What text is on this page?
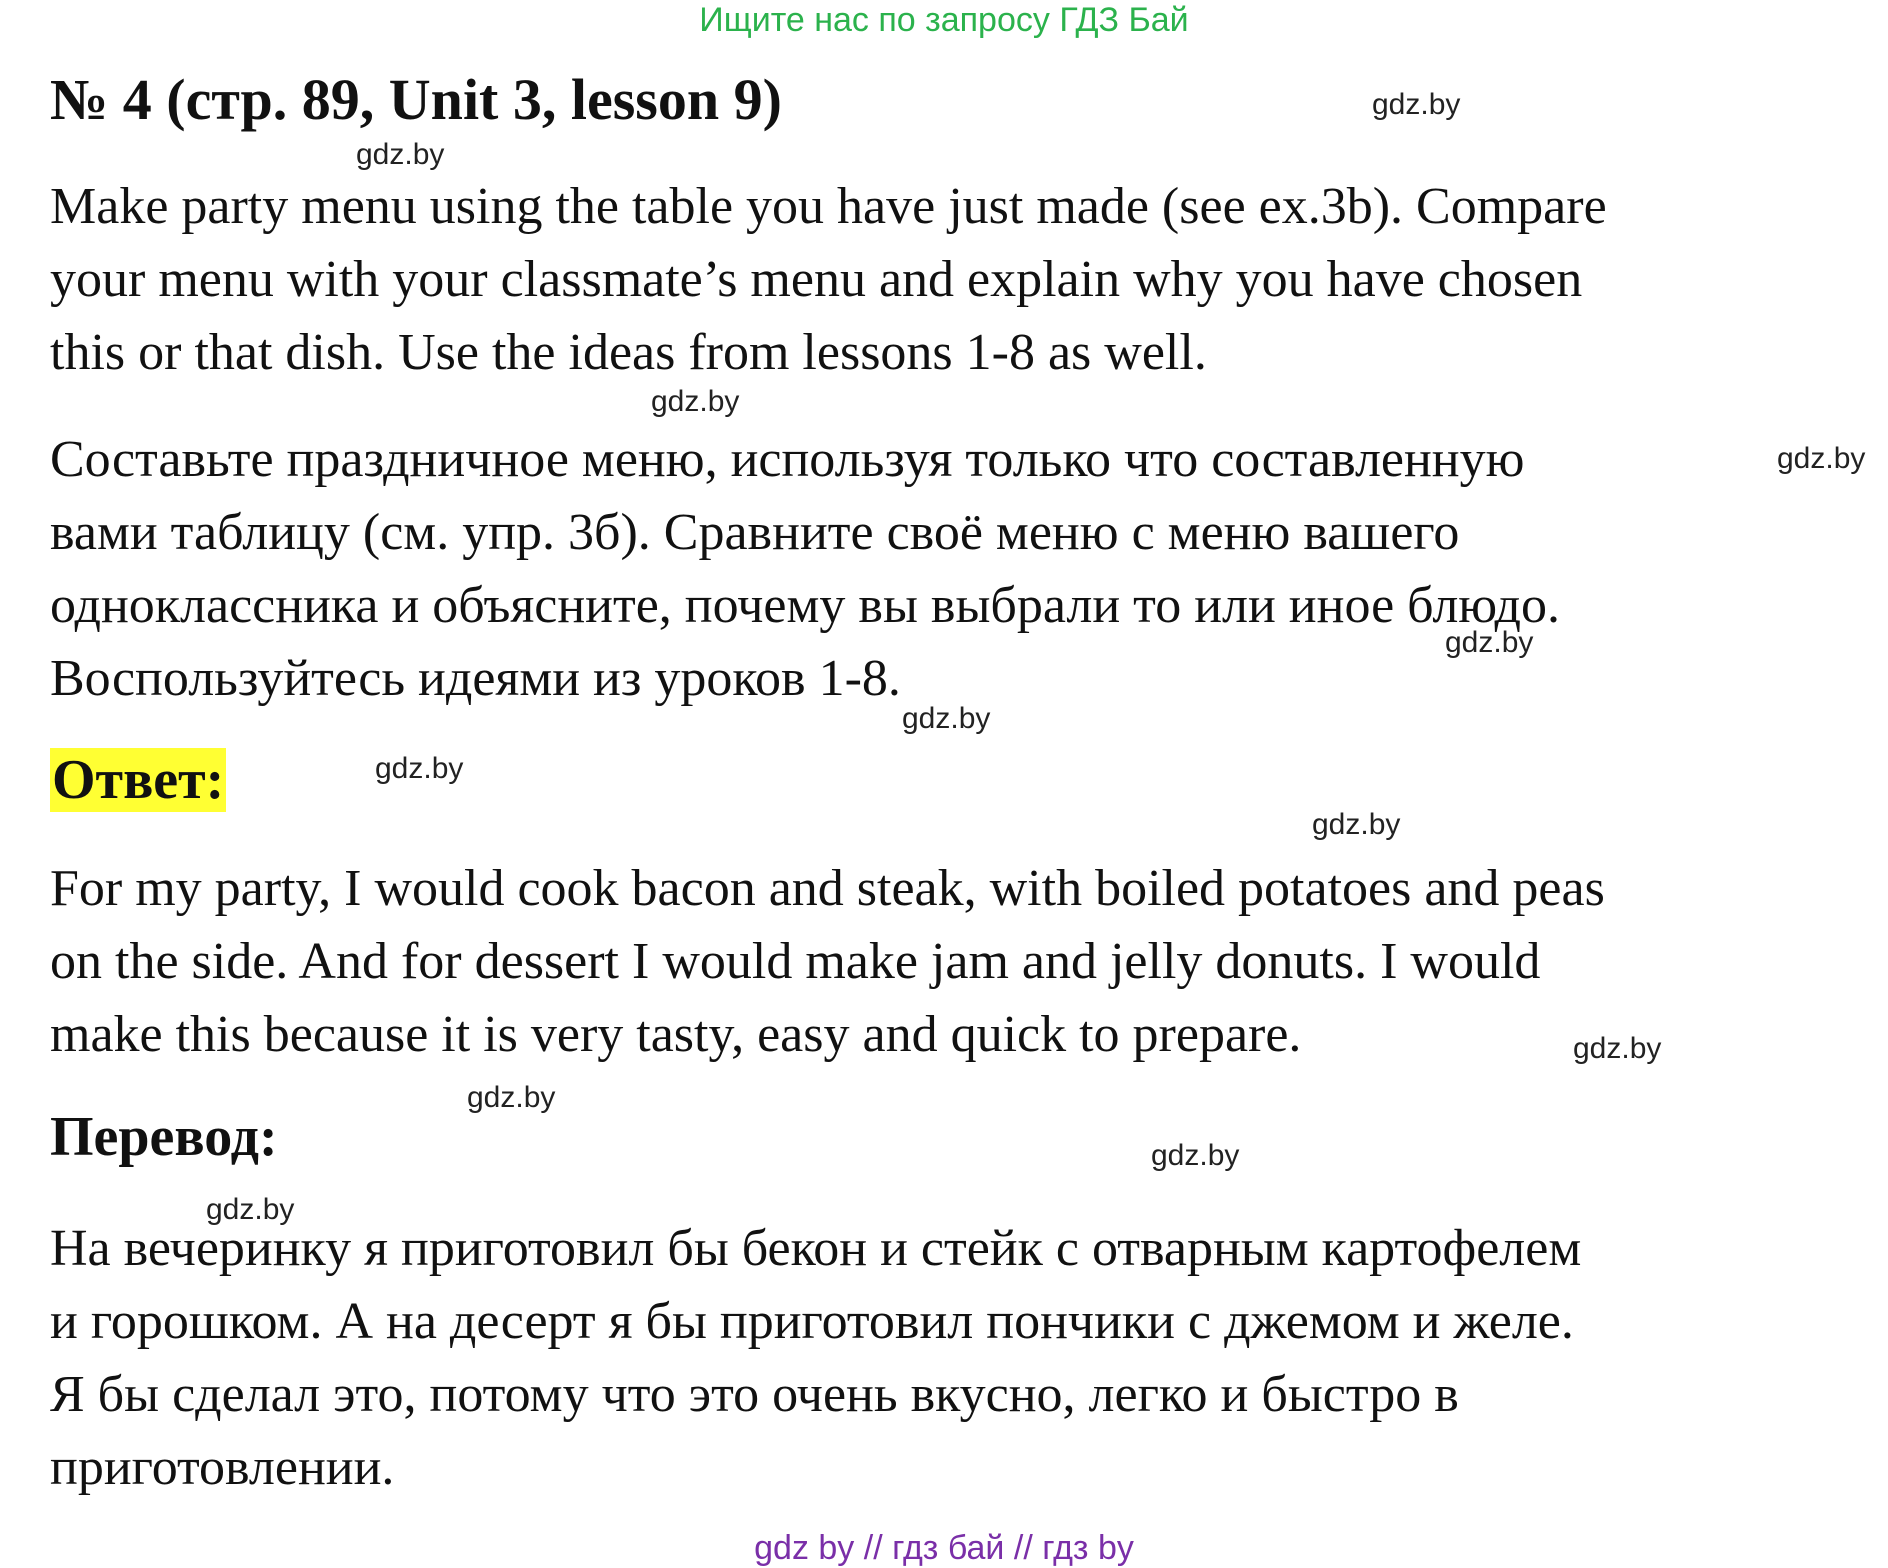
Ищите нас по запросу ГДЗ Бай
№ 4 (стр. 89, Unit 3, lesson 9)
Make party menu using the table you have just made (see ex.3b). Compare
your menu with your classmate’s menu and explain why you have chosen
this or that dish. Use the ideas from lessons 1-8 as well.
Составьте праздничное меню, используя только что составленную
вами таблицу (см. упр. 3б). Сравните своё меню с меню вашего
одноклассника и объясните, почему вы выбрали то или иное блюдо.
Воспользуйтесь идеями из уроков 1-8.
Ответ:
For my party, I would cook bacon and steak, with boiled potatoes and peas
on the side. And for dessert I would make jam and jelly donuts. I would
make this because it is very tasty, easy and quick to prepare.
Перевод:
На вечеринку я приготовил бы бекон и стейк с отварным картофелем
и горошком. А на десерт я бы приготовил пончики с джемом и желе.
Я бы сделал это, потому что это очень вкусно, легко и быстро в
приготовлении.
gdz.by
gdz.by
gdz.by
gdz.by
gdz.by
gdz.by
gdz.by
gdz.by
gdz.by
gdz.by
gdz.by
gdz.by
gdz by // гдз бай // гдз by
